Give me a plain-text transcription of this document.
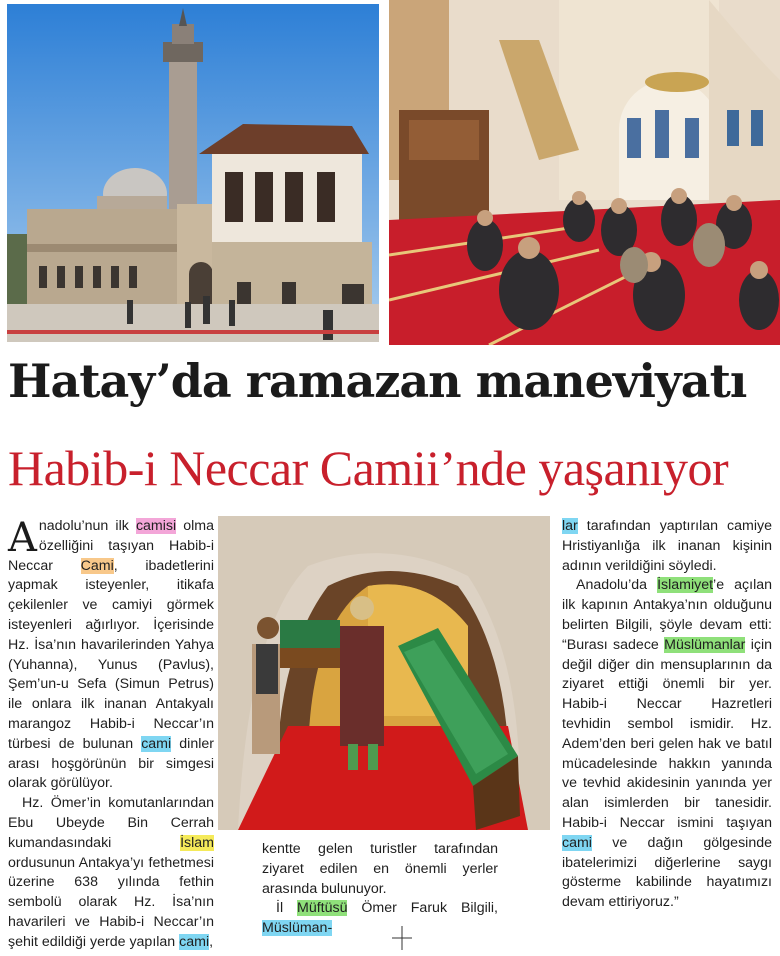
Hatay’da ramazan maneviyatı
Habib-i Neccar Camii’nde yaşanıyor

Anadolu’nun ilk camisi olma özelliğini taşıyan Habib-i Neccar Cami, ibadetlerini yapmak isteyenler, itikafa çekilenler ve camiyi görmek isteyenleri ağırlıyor. İçerisinde Hz. İsa’nın havarilerinden Yahya (Yuhanna), Yunus (Pavlus), Şem’un-u Sefa (Simun Petrus) ile onlara ilk inanan Antakyalı marangoz Habib-i Neccar’ın türbesi de bulunan cami dinler arası hoşgörünün bir simgesi olarak görülüyor.

Hz. Ömer’in komutanlarından Ebu Ubeyde Bin Cerrah kumandasındaki İslam ordusunun Antakya’yı fethetmesi üzerine 638 yılında fethin sembolü olarak Hz. İsa’nın havarileri ve Habib-i Neccar’ın şehit edildiği yerde yapılan cami,

kentte gelen turistler tarafından ziyaret edilen en önemli yerler arasında bulunuyor.

İl Müftüsü Ömer Faruk Bilgili, Müslüman-

lar tarafından yaptırılan camiye Hristiyanlığa ilk inanan kişinin adının verildiğini söyledi.

Anadolu’da İslamiyet’e açılan ilk kapının Antakya’nın olduğunu belirten Bilgili, şöyle devam etti: “Burası sadece Müslümanlar için değil diğer din mensuplarının da ziyaret ettiği önemli bir yer. Habib-i Neccar Hazretleri tevhidin sembol ismidir. Hz. Adem’den beri gelen hak ve batıl mücadelesinde hakkın yanında ve tevhid akidesinin yanında yer alan isimlerden bir tanesidir. Habib-i Neccar ismini taşıyan cami ve dağın gölgesinde ibatelerimizi diğerlerine saygı gösterme kabilinde hayatımızı devam ettiriyoruz.”
